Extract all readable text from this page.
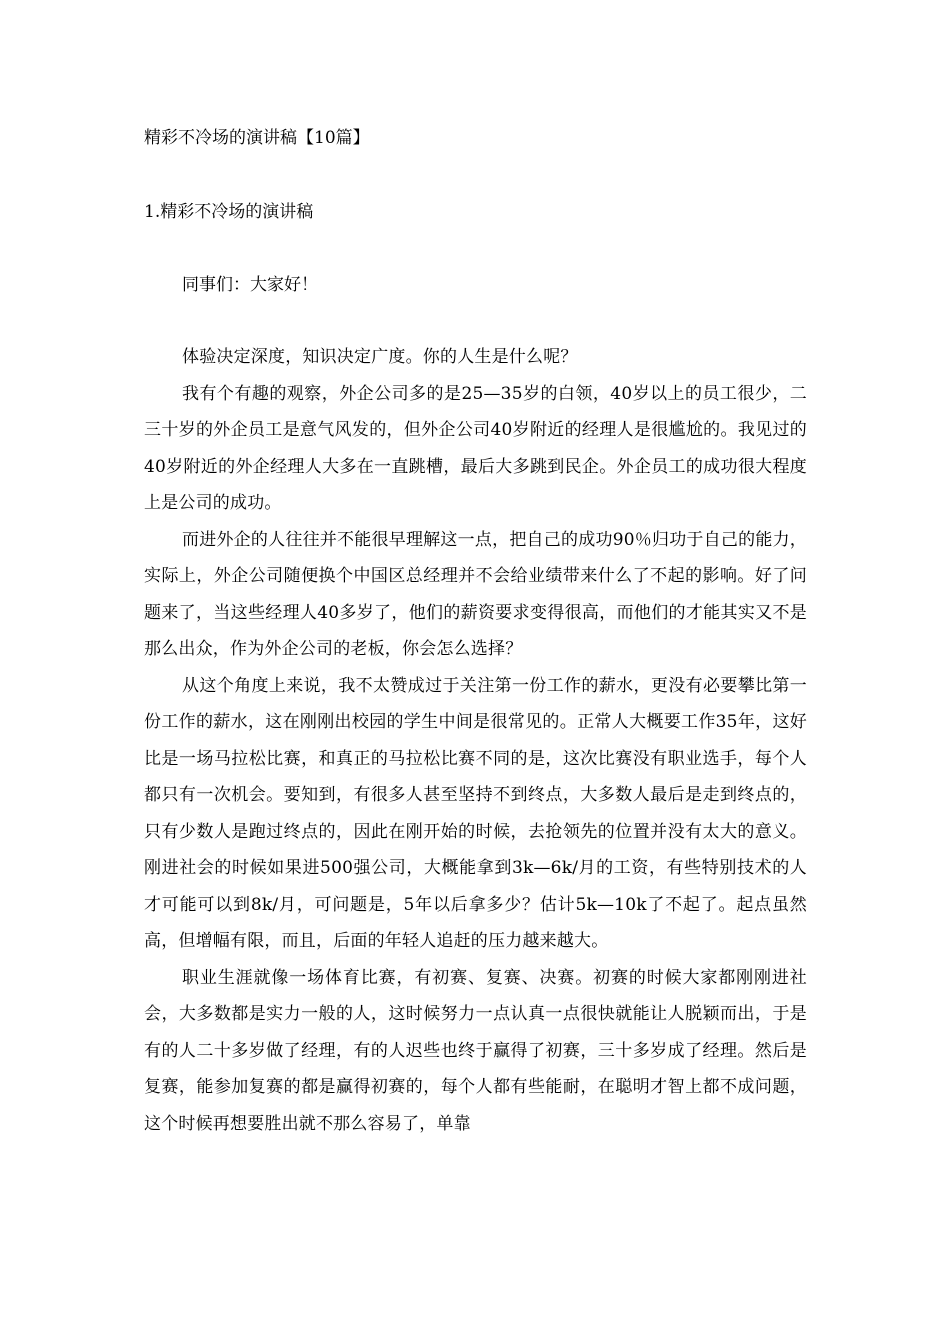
精彩不冷场的演讲稿【10篇】
1.精彩不冷场的演讲稿
同事们：大家好！

体验决定深度，知识决定广度。你的人生是什么呢？

我有个有趣的观察，外企公司多的是25—35岁的白领，40岁以上的员工很少，二三十岁的外企员工是意气风发的，但外企公司40岁附近的经理人是很尴尬的。我见过的40岁附近的外企经理人大多在一直跳槽，最后大多跳到民企。外企员工的成功很大程度上是公司的成功。

而进外企的人往往并不能很早理解这一点，把自己的成功90％归功于自己的能力，实际上，外企公司随便换个中国区总经理并不会给业绩带来什么了不起的影响。好了问题来了，当这些经理人40多岁了，他们的薪资要求变得很高，而他们的才能其实又不是那么出众，作为外企公司的老板，你会怎么选择？

从这个角度上来说，我不太赞成过于关注第一份工作的薪水，更没有必要攀比第一份工作的薪水，这在刚刚出校园的学生中间是很常见的。正常人大概要工作35年，这好比是一场马拉松比赛，和真正的马拉松比赛不同的是，这次比赛没有职业选手，每个人都只有一次机会。要知到，有很多人甚至坚持不到终点，大多数人最后是走到终点的，只有少数人是跑过终点的，因此在刚开始的时候，去抢领先的位置并没有太大的意义。刚进社会的时候如果进500强公司，大概能拿到3k—6k/月的工资，有些特别技术的人才可能可以到8k/月，可问题是，5年以后拿多少？估计5k—10k了不起了。起点虽然高，但增幅有限，而且，后面的年轻人追赶的压力越来越大。

职业生涯就像一场体育比赛，有初赛、复赛、决赛。初赛的时候大家都刚刚进社会，大多数都是实力一般的人，这时候努力一点认真一点很快就能让人脱颖而出，于是有的人二十多岁做了经理，有的人迟些也终于赢得了初赛，三十多岁成了经理。然后是复赛，能参加复赛的都是赢得初赛的，每个人都有些能耐，在聪明才智上都不成问题，这个时候再想要胜出就不那么容易了，单靠
